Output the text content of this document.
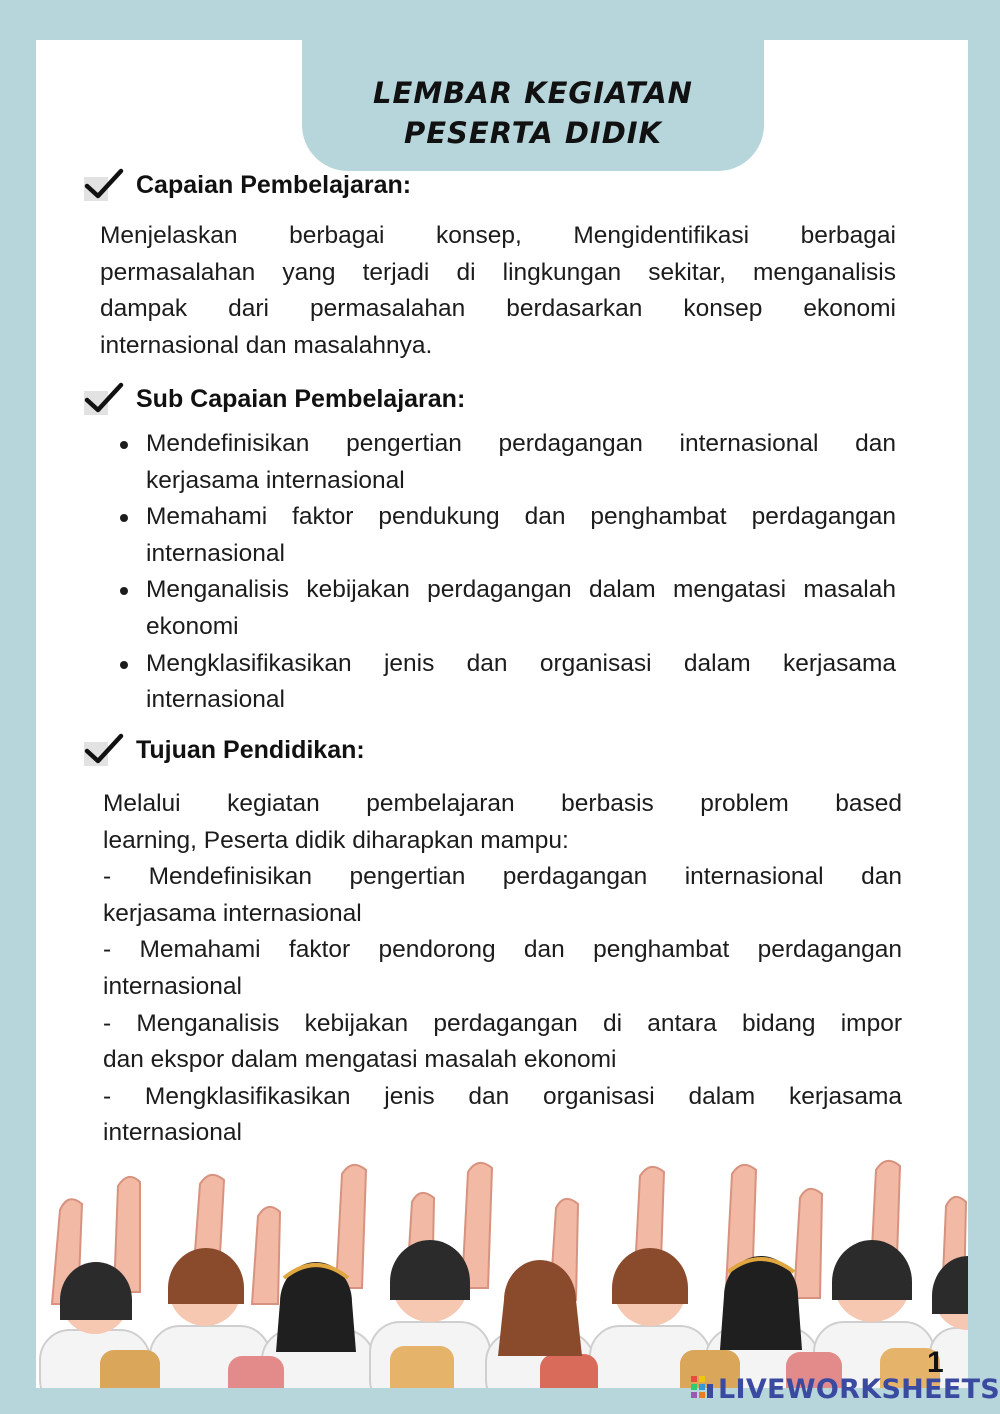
LEMBAR KEGIATAN
PESERTA DIDIK
Capaian Pembelajaran:
Menjelaskan berbagai konsep, Mengidentifikasi berbagai
permasalahan yang terjadi di lingkungan sekitar, menganalisis
dampak dari permasalahan berdasarkan konsep ekonomi
internasional dan masalahnya.
Sub Capaian Pembelajaran:
Mendefinisikan pengertian perdagangan internasional dan kerjasama internasional
Memahami faktor pendukung dan penghambat perdagangan internasional
Menganalisis kebijakan perdagangan dalam mengatasi masalah ekonomi
Mengklasifikasikan jenis dan organisasi dalam kerjasama internasional
Tujuan Pendidikan:
Melalui kegiatan pembelajaran berbasis problem based
learning, Peserta didik diharapkan mampu:
- Mendefinisikan pengertian perdagangan internasional dan
kerjasama internasional
- Memahami faktor pendorong dan penghambat perdagangan
internasional
- Menganalisis kebijakan perdagangan di antara bidang impor
dan ekspor dalam mengatasi masalah ekonomi
- Mengklasifikasikan jenis dan organisasi dalam kerjasama
internasional
1
LIVEWORKSHEETS
